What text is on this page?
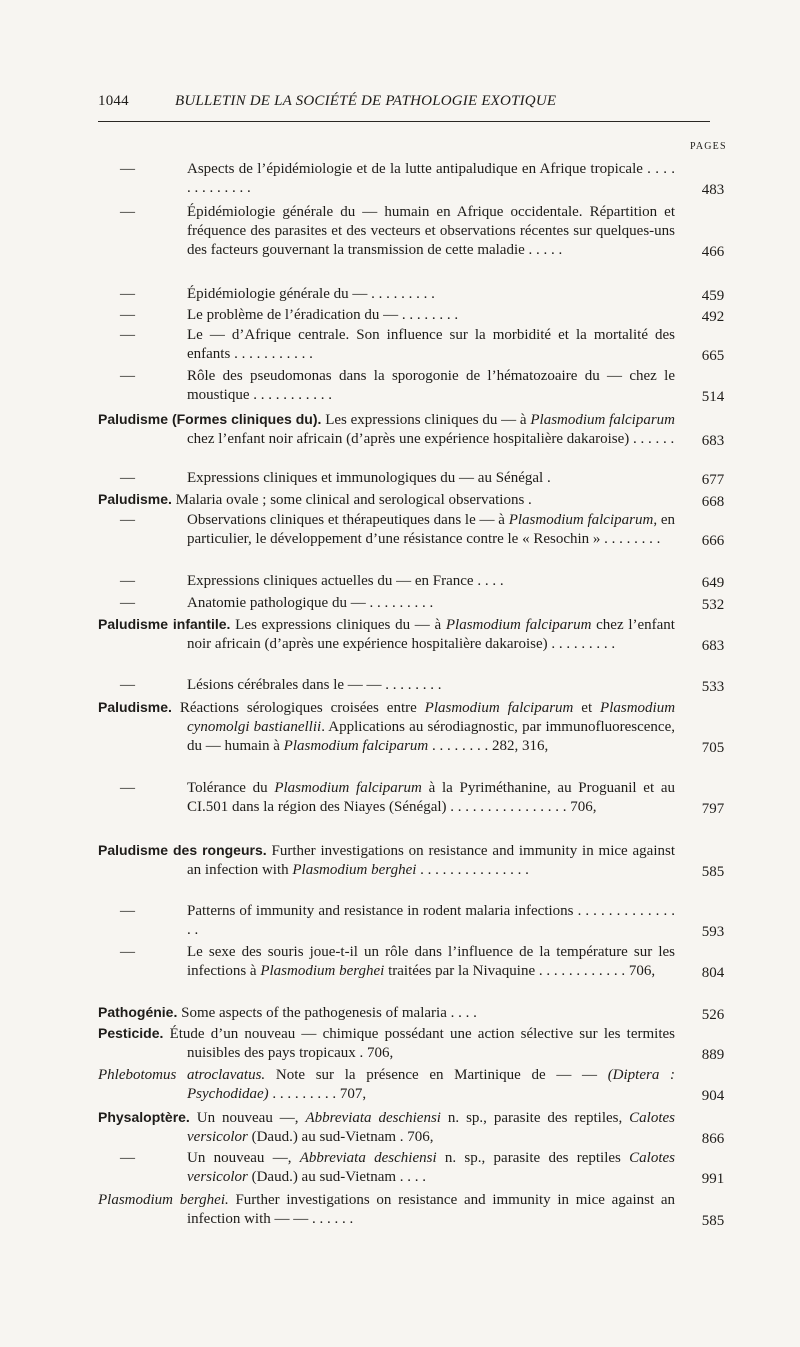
1044	BULLETIN DE LA SOCIÉTÉ DE PATHOLOGIE EXOTIQUE
PAGES
—	Aspects de l’épidémiologie et de la lutte antipaludique en Afrique tropicale . . . . . . . . . . . . .	483
—	Épidémiologie générale du — humain en Afrique occidentale. Répartition et fréquence des parasites et des vecteurs et observations récentes sur quelques-uns des facteurs gouvernant la transmission de cette maladie . . . . .	466
—	Épidémiologie générale du — . . . . . . . . .	459
—	Le problème de l’éradication du — . . . . . . . .	492
—	Le — d’Afrique centrale. Son influence sur la morbidité et la mortalité des enfants . . . . . . . . . . .	665
—	Rôle des pseudomonas dans la sporogonie de l’hématozoaire du — chez le moustique . . . . . . . . . . .	514
Paludisme (Formes cliniques du). Les expressions cliniques du — à Plasmodium falciparum chez l’enfant noir africain (d’après une expérience hospitalière dakaroise) . . . . . .	683
—	Expressions cliniques et immunologiques du — au Sénégal .	677
Paludisme. Malaria ovale ; some clinical and serological observations .	668
—	Observations cliniques et thérapeutiques dans le — à Plasmodium falciparum, en particulier, le développement d’une résistance contre le « Resochin » . . . . . . . .	666
—	Expressions cliniques actuelles du — en France . . . .	649
—	Anatomie pathologique du — . . . . . . . . .	532
Paludisme infantile. Les expressions cliniques du — à Plasmodium falciparum chez l’enfant noir africain (d’après une expérience hospitalière dakaroise) . . . . . . . . .	683
—	Lésions cérébrales dans le — — . . . . . . . .	533
Paludisme. Réactions sérologiques croisées entre Plasmodium falciparum et Plasmodium cynomolgi bastianellii. Applications au sérodiagnostic, par immunofluorescence, du — humain à Plasmodium falciparum . . . . . . . . 282, 316,	705
—	Tolérance du Plasmodium falciparum à la Pyriméthanine, au Proguanil et au CI.501 dans la région des Niayes (Sénégal) . . . . . . . . . . . . . . . . 706,	797
Paludisme des rongeurs. Further investigations on resistance and immunity in mice against an infection with Plasmodium berghei . . . . . . . . . . . . . . .	585
—	Patterns of immunity and resistance in rodent malaria infections . . . . . . . . . . . . . . .	593
—	Le sexe des souris joue-t-il un rôle dans l’influence de la température sur les infections à Plasmodium berghei traitées par la Nivaquine . . . . . . . . . . . . 706,	804
Pathogénie. Some aspects of the pathogenesis of malaria . . . .	526
Pesticide. Étude d’un nouveau — chimique possédant une action sélective sur les termites nuisibles des pays tropicaux . 706,	889
Phlebotomus atroclavatus. Note sur la présence en Martinique de — — (Diptera : Psychodidae) . . . . . . . . . 707,	904
Physaloptère. Un nouveau —, Abbreviata deschiensi n. sp., parasite des reptiles, Calotes versicolor (Daud.) au sud-Vietnam . 706,	866
—	Un nouveau —, Abbreviata deschiensi n. sp., parasite des reptiles Calotes versicolor (Daud.) au sud-Vietnam . . . .	991
Plasmodium berghei. Further investigations on resistance and immunity in mice against an infection with — — . . . . . .	585
